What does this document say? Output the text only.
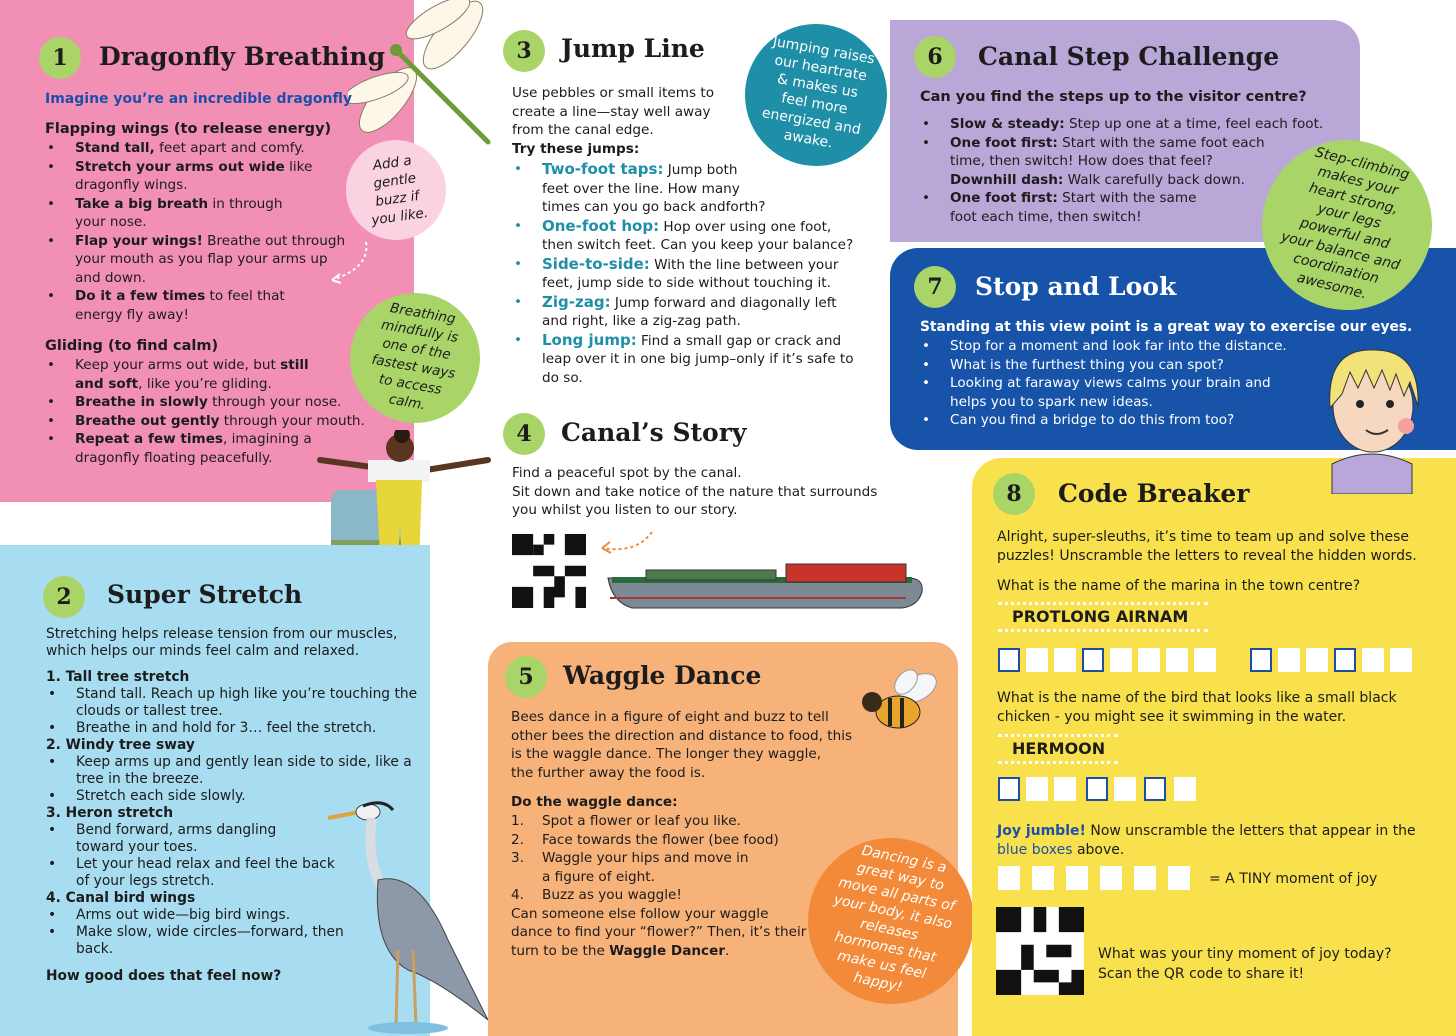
1	Dragonfly Breathing
Imagine you’re an incredible dragonfly
Flapping wings (to release energy)

• Stand tall, feet apart and comfy.

• Stretch your arms out wide like

dragonfly wings.

• Take a big breath in through

your nose.

• Flap your wings! Breathe out through

your mouth as you flap your arms up

and down.

• Do it a few times to feel that

energy fly away!

Gliding (to find calm)

• Keep your arms out wide, but still

and soft, like you’re gliding.

• Breathe in slowly through your nose.

• Breathe out gently through your mouth.

• Repeat a few times, imagining a

dragonfly floating peacefully.

Add a gentle buzz if you like.
Breathing mindfully is one of the fastest ways to access calm.
2	Super Stretch

Stretching helps release tension from our muscles,

which helps our minds feel calm and relaxed.

1. Tall tree stretch

• Stand tall. Reach up high like you’re touching the

clouds or tallest tree.

• Breathe in and hold for 3… feel the stretch.

2. Windy tree sway

• Keep arms up and gently lean side to side, like a

tree in the breeze.

• Stretch each side slowly.

3. Heron stretch

• Bend forward, arms dangling

toward your toes.

• Let your head relax and feel the back

of your legs stretch.

4. Canal bird wings

• Arms out wide—big bird wings.

• Make slow, wide circles—forward, then

back.

How good does that feel now?

3	Jump Line

Use pebbles or small items to

create a line—stay well away

from the canal edge.

Try these jumps:

• Two-foot taps: Jump both

feet over the line. How many

times can you go back andforth?

• One-foot hop: Hop over using one foot,

then switch feet. Can you keep your balance?

• Side-to-side: With the line between your

feet, jump side to side without touching it.

• Zig-zag: Jump forward and diagonally left

and right, like a zig-zag path.

• Long jump: Find a small gap or crack and

leap over it in one big jump–only if it’s safe to

do so.

Jumping raises our heartrate & makes us feel more energized and awake.
4	Canal’s Story

Find a peaceful spot by the canal.

Sit down and take notice of the nature that surrounds

you whilst you listen to our story.

5	Waggle Dance

Bees dance in a figure of eight and buzz to tell

other bees the direction and distance to food, this

is the waggle dance. The longer they waggle,

the further away the food is.

Do the waggle dance:

1. Spot a flower or leaf you like.

2. Face towards the flower (bee food)

3. Waggle your hips and move in

a figure of eight.

4. Buzz as you waggle!

Can someone else follow your waggle

dance to find your “flower?” Then, it’s their

turn to be the Waggle Dancer.

Dancing is a great way to move all parts of your body, it also releases hormones that make us feel happy!
6	Canal Step Challenge
Can you find the steps up to the visitor centre?

• Slow & steady: Step up one at a time, feel each foot.

• One foot first: Start with the same foot each

time, then switch! How does that feel?

Downhill dash: Walk carefully back down.

• One foot first: Start with the same

foot each time, then switch!

7	Stop and Look
Standing at this view point is a great way to exercise our eyes.

• Stop for a moment and look far into the distance.

• What is the furthest thing you can spot?

• Looking at faraway views calms your brain and

helps you to spark new ideas.

• Can you find a bridge to do this from too?

Step-climbing makes your heart strong, your legs powerful and your balance and coordination awesome.
8	Code Breaker

Alright, super-sleuths, it’s time to team up and solve these

puzzles! Unscramble the letters to reveal the hidden words.

What is the name of the marina in the town centre?
PROTLONG AIRNAM

What is the name of the bird that looks like a small black

chicken - you might see it swimming in the water.

HERMOON

Joy jumble! Now unscramble the letters that appear in the

blue boxes above.

= A TINY moment of joy

What was your tiny moment of joy today?

Scan the QR code to share it!
